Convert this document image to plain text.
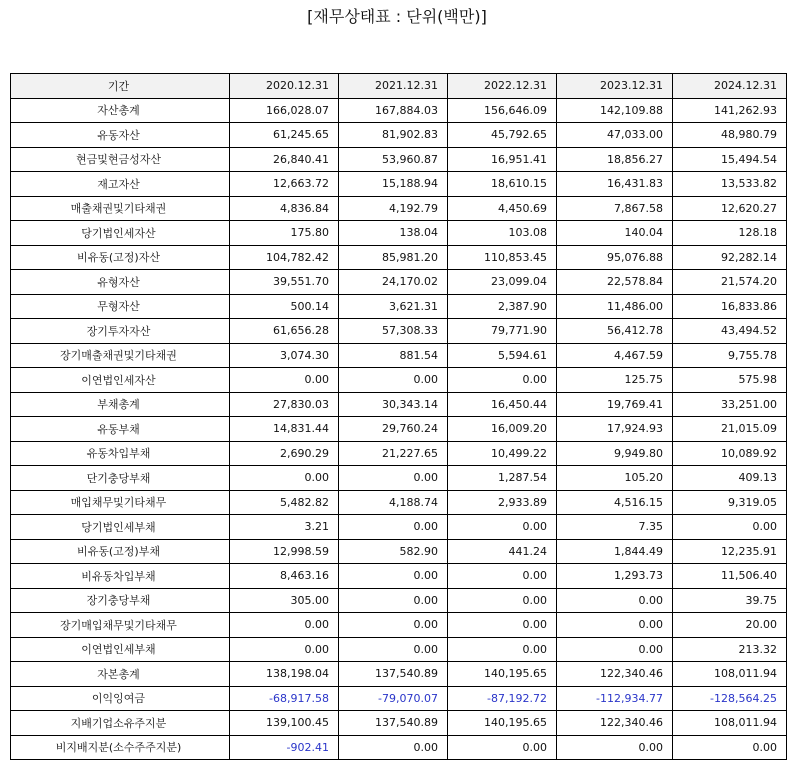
[재무상태표 : 단위(백만)]
기간	2020.12.31	2021.12.31	2022.12.31	2023.12.31	2024.12.31
자산총계	166,028.07	167,884.03	156,646.09	142,109.88	141,262.93
유동자산	61,245.65	81,902.83	45,792.65	47,033.00	48,980.79
현금및현금성자산	26,840.41	53,960.87	16,951.41	18,856.27	15,494.54
재고자산	12,663.72	15,188.94	18,610.15	16,431.83	13,533.82
매출채권및기타채권	4,836.84	4,192.79	4,450.69	7,867.58	12,620.27
당기법인세자산	175.80	138.04	103.08	140.04	128.18
비유동(고정)자산	104,782.42	85,981.20	110,853.45	95,076.88	92,282.14
유형자산	39,551.70	24,170.02	23,099.04	22,578.84	21,574.20
무형자산	500.14	3,621.31	2,387.90	11,486.00	16,833.86
장기투자자산	61,656.28	57,308.33	79,771.90	56,412.78	43,494.52
장기매출채권및기타채권	3,074.30	881.54	5,594.61	4,467.59	9,755.78
이연법인세자산	0.00	0.00	0.00	125.75	575.98
부채총계	27,830.03	30,343.14	16,450.44	19,769.41	33,251.00
유동부채	14,831.44	29,760.24	16,009.20	17,924.93	21,015.09
유동차입부채	2,690.29	21,227.65	10,499.22	9,949.80	10,089.92
단기충당부채	0.00	0.00	1,287.54	105.20	409.13
매입채무및기타채무	5,482.82	4,188.74	2,933.89	4,516.15	9,319.05
당기법인세부채	3.21	0.00	0.00	7.35	0.00
비유동(고정)부채	12,998.59	582.90	441.24	1,844.49	12,235.91
비유동차입부채	8,463.16	0.00	0.00	1,293.73	11,506.40
장기충당부채	305.00	0.00	0.00	0.00	39.75
장기매입채무및기타채무	0.00	0.00	0.00	0.00	20.00
이연법인세부채	0.00	0.00	0.00	0.00	213.32
자본총계	138,198.04	137,540.89	140,195.65	122,340.46	108,011.94
이익잉여금	-68,917.58	-79,070.07	-87,192.72	-112,934.77	-128,564.25
지배기업소유주지분	139,100.45	137,540.89	140,195.65	122,340.46	108,011.94
비지배지분(소수주주지분)	-902.41	0.00	0.00	0.00	0.00
